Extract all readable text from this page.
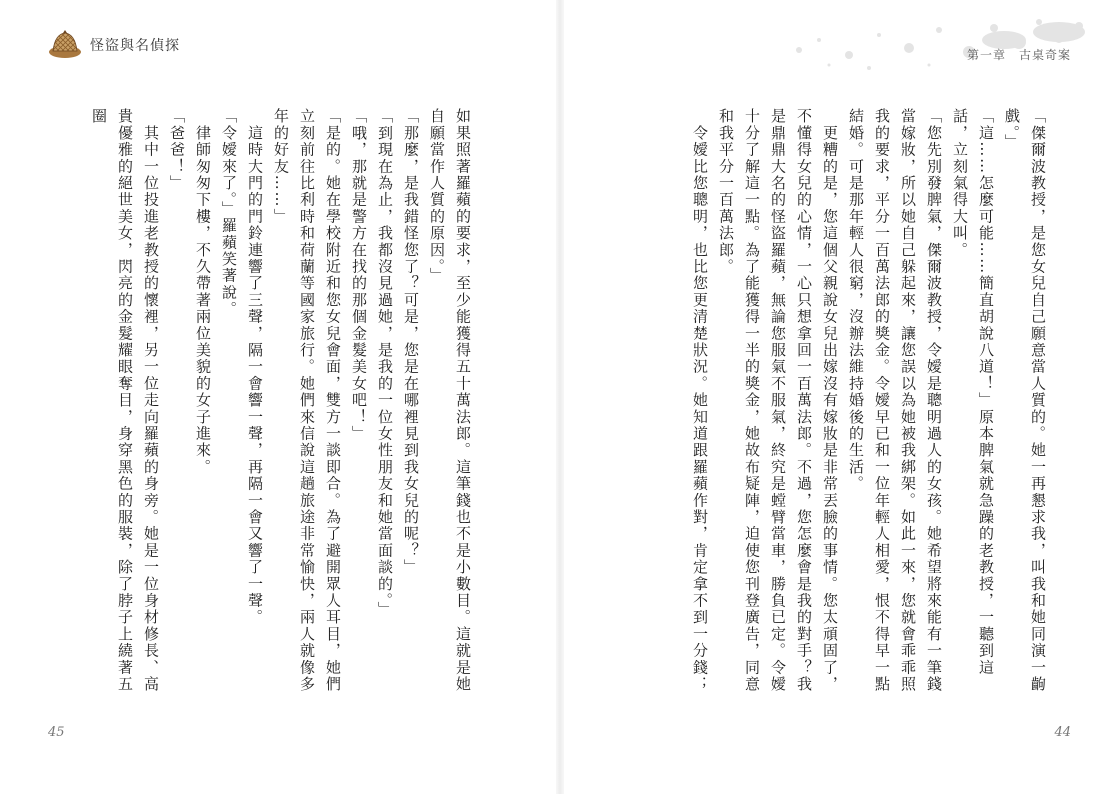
怪盜與名偵探
第一章　古桌奇案

「傑爾波教授，是您女兒自己願意當人質的。她一再懇求我，叫我和她同演一齣戲。」

「這……怎麼可能……簡直胡說八道！」原本脾氣就急躁的老教授，一聽到這話，立刻氣得大叫。

「您先別發脾氣，傑爾波教授，令嬡是聰明過人的女孩。她希望將來能有一筆錢當嫁妝，所以她自己躲起來，讓您誤以為她被我綁架。如此一來，您就會乖乖照我的要求，平分一百萬法郎的獎金。令嬡早已和一位年輕人相愛，恨不得早一點結婚。可是那年輕人很窮，沒辦法維持婚後的生活。

　更糟的是，您這個父親說女兒出嫁沒有嫁妝是非常丟臉的事情。您太頑固了，不懂得女兒的心情，一心只想拿回一百萬法郎。不過，您怎麼會是我的對手？我是鼎鼎大名的怪盜羅蘋，無論您服氣不服氣，終究是螳臂當車，勝負已定。令嬡十分了解這一點。為了能獲得一半的獎金，她故布疑陣，迫使您刊登廣告，同意和我平分一百萬法郎。

　令嬡比您聰明，也比您更清楚狀況。她知道跟羅蘋作對，肯定拿不到一分錢；

如果照著羅蘋的要求，至少能獲得五十萬法郎。這筆錢也不是小數目。這就是她自願當作人質的原因。」

「那麼，是我錯怪您了？可是，您是在哪裡見到我女兒的呢？」

「到現在為止，我都沒見過她，是我的一位女性朋友和她當面談的。」

「哦，那就是警方在找的那個金髮美女吧！」

「是的。她在學校附近和您女兒會面，雙方一談即合。為了避開眾人耳目，她們立刻前往比利時和荷蘭等國家旅行。她們來信說這趟旅途非常愉快，兩人就像多年的好友……」

　這時大門的門鈴連響了三聲，隔一會響一聲，再隔一會又響了一聲。

「令嬡來了。」羅蘋笑著說。

　律師匆匆下樓，不久帶著兩位美貌的女子進來。

「爸爸！」

　其中一位投進老教授的懷裡，另一位走向羅蘋的身旁。她是一位身材修長、高貴優雅的絕世美女，閃亮的金髮耀眼奪目，身穿黑色的服裝，除了脖子上繞著五圈

45	44
